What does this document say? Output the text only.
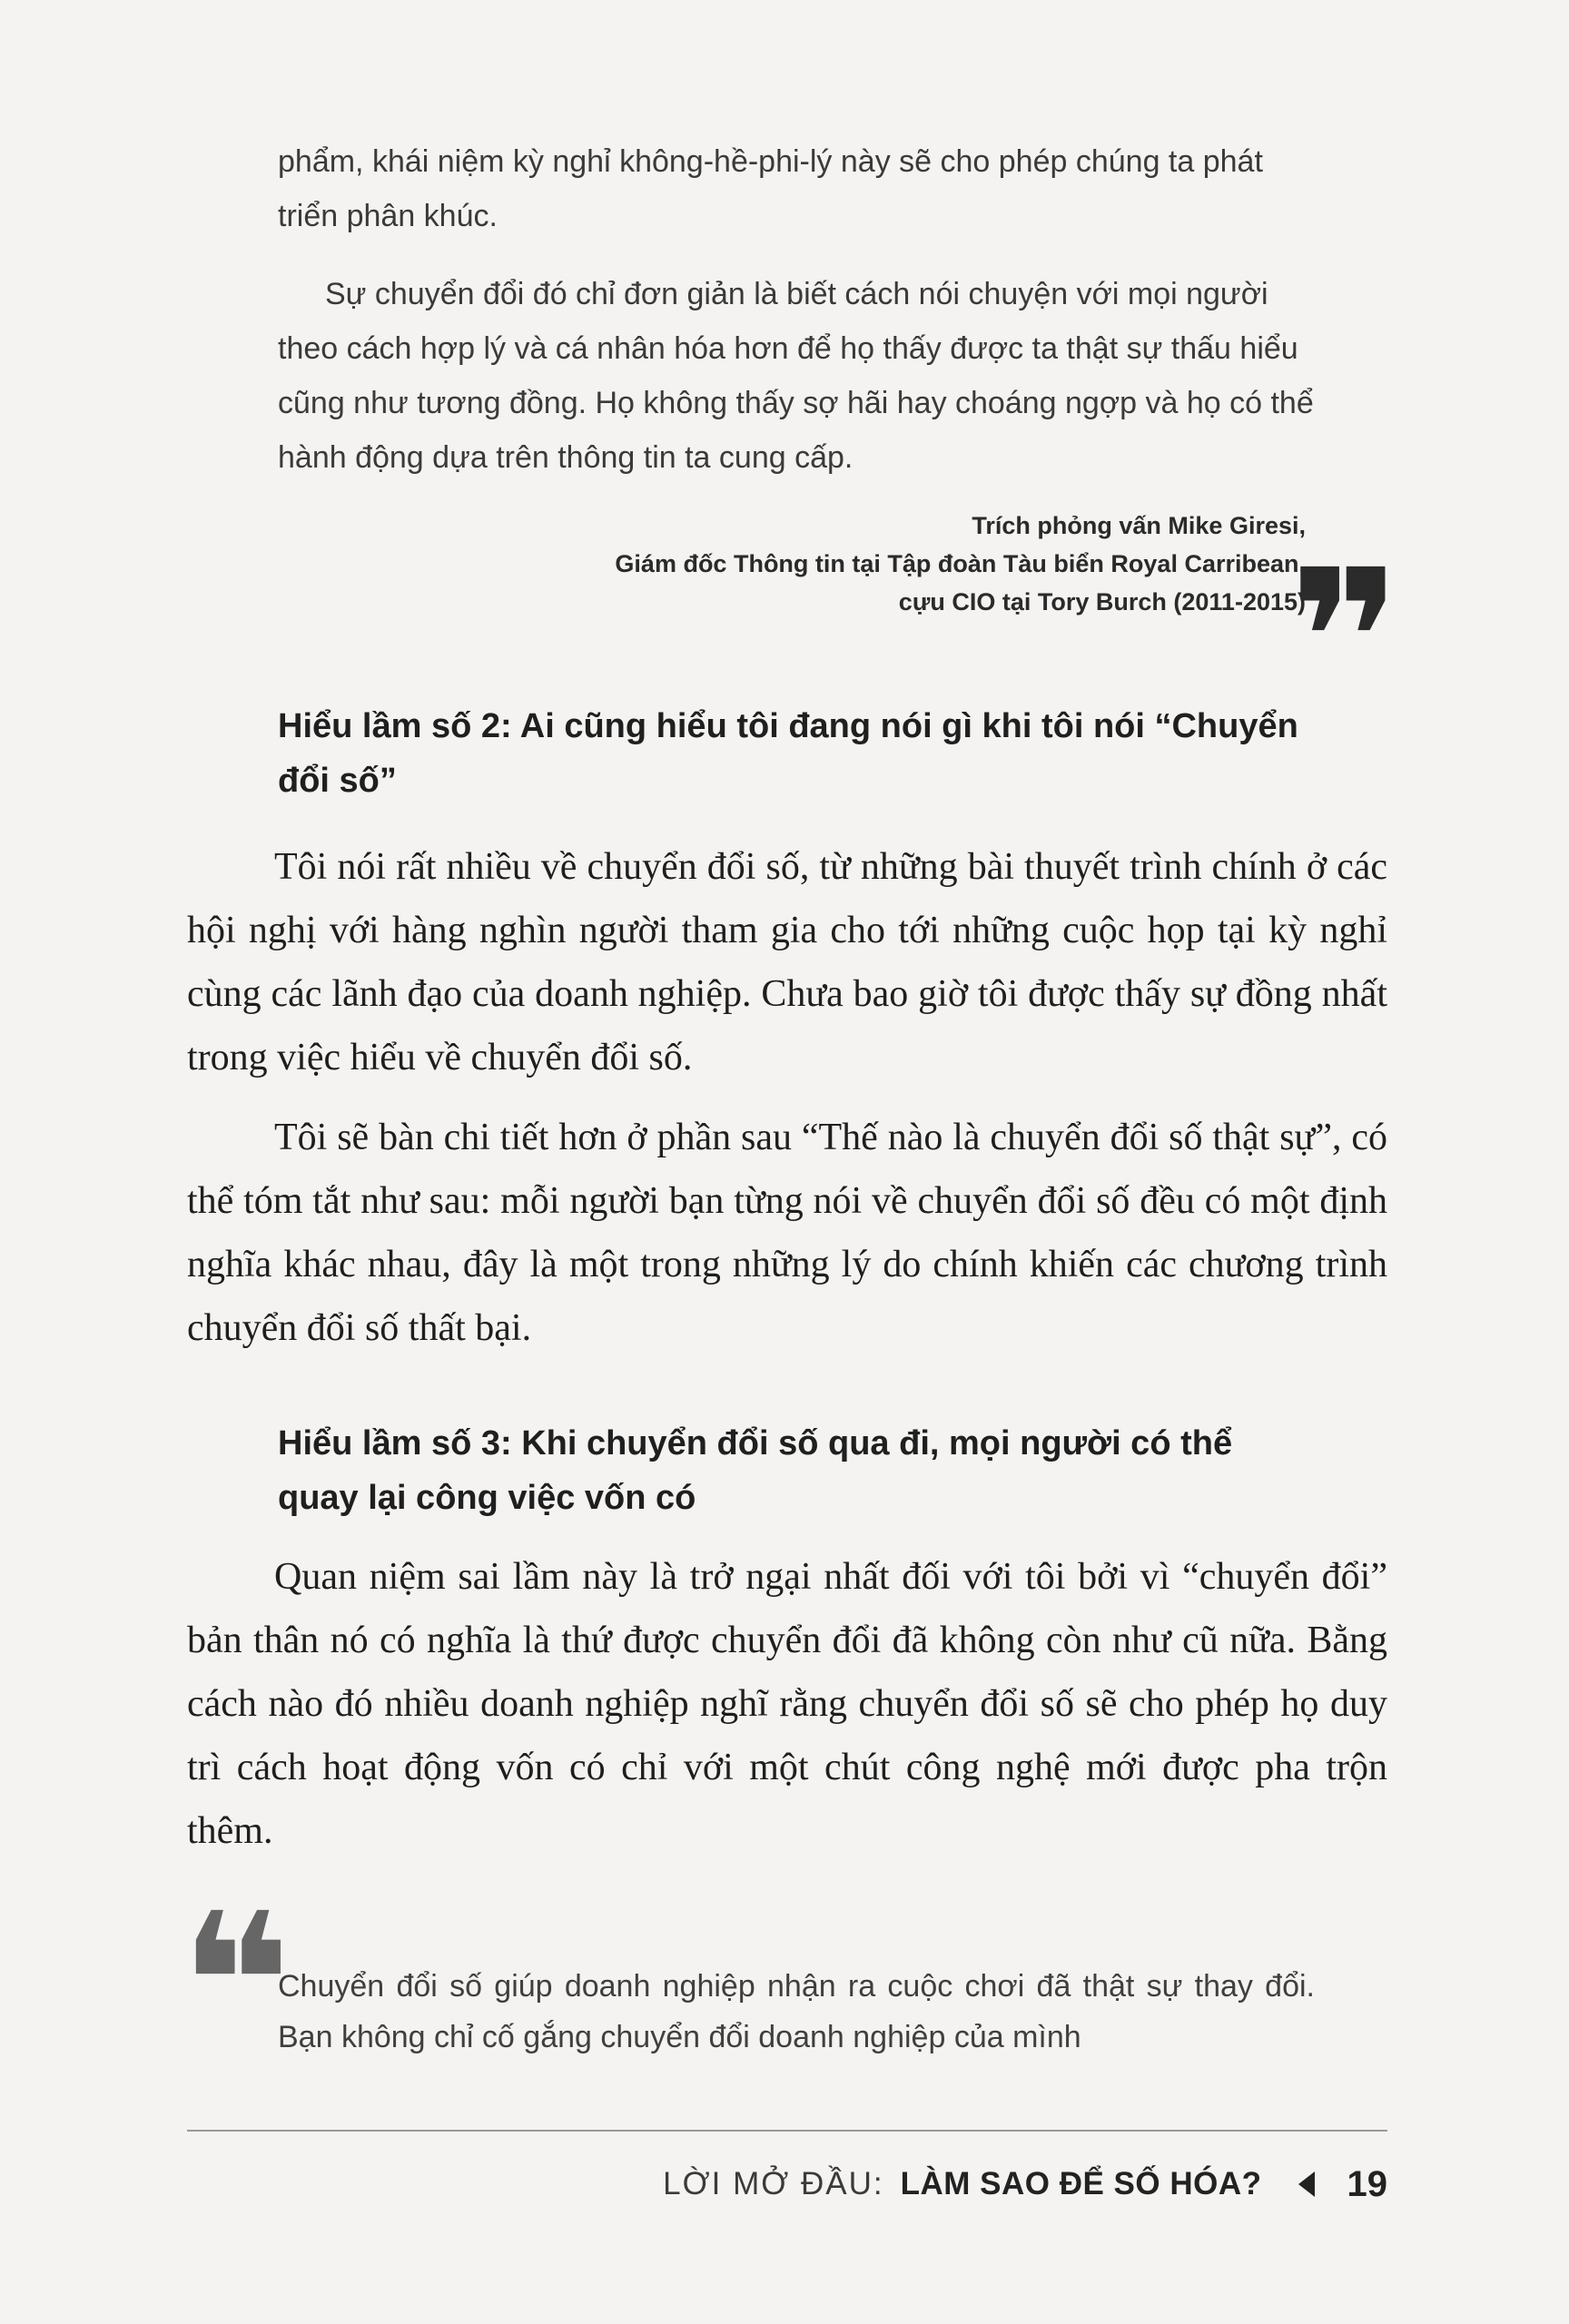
phẩm, khái niệm kỳ nghỉ không-hề-phi-lý này sẽ cho phép chúng ta phát triển phân khúc.

Sự chuyển đổi đó chỉ đơn giản là biết cách nói chuyện với mọi người theo cách hợp lý và cá nhân hóa hơn để họ thấy được ta thật sự thấu hiểu cũng như tương đồng. Họ không thấy sợ hãi hay choáng ngợp và họ có thể hành động dựa trên thông tin ta cung cấp.

Trích phỏng vấn Mike Giresi,
Giám đốc Thông tin tại Tập đoàn Tàu biển Royal Carribean,
cựu CIO tại Tory Burch (2011-2015)
❞
Hiểu lầm số 2: Ai cũng hiểu tôi đang nói gì khi tôi nói “Chuyển đổi số”

Tôi nói rất nhiều về chuyển đổi số, từ những bài thuyết trình chính ở các hội nghị với hàng nghìn người tham gia cho tới những cuộc họp tại kỳ nghỉ cùng các lãnh đạo của doanh nghiệp. Chưa bao giờ tôi được thấy sự đồng nhất trong việc hiểu về chuyển đổi số.

Tôi sẽ bàn chi tiết hơn ở phần sau “Thế nào là chuyển đổi số thật sự”, có thể tóm tắt như sau: mỗi người bạn từng nói về chuyển đổi số đều có một định nghĩa khác nhau, đây là một trong những lý do chính khiến các chương trình chuyển đổi số thất bại.

Hiểu lầm số 3: Khi chuyển đổi số qua đi, mọi người có thể quay lại công việc vốn có

Quan niệm sai lầm này là trở ngại nhất đối với tôi bởi vì “chuyển đổi” bản thân nó có nghĩa là thứ được chuyển đổi đã không còn như cũ nữa. Bằng cách nào đó nhiều doanh nghiệp nghĩ rằng chuyển đổi số sẽ cho phép họ duy trì cách hoạt động vốn có chỉ với một chút công nghệ mới được pha trộn thêm.

❝
Chuyển đổi số giúp doanh nghiệp nhận ra cuộc chơi đã thật sự thay đổi. Bạn không chỉ cố gắng chuyển đổi doanh nghiệp của mình
LỜI MỞ ĐẦU: LÀM SAO ĐỂ SỐ HÓA? 19
